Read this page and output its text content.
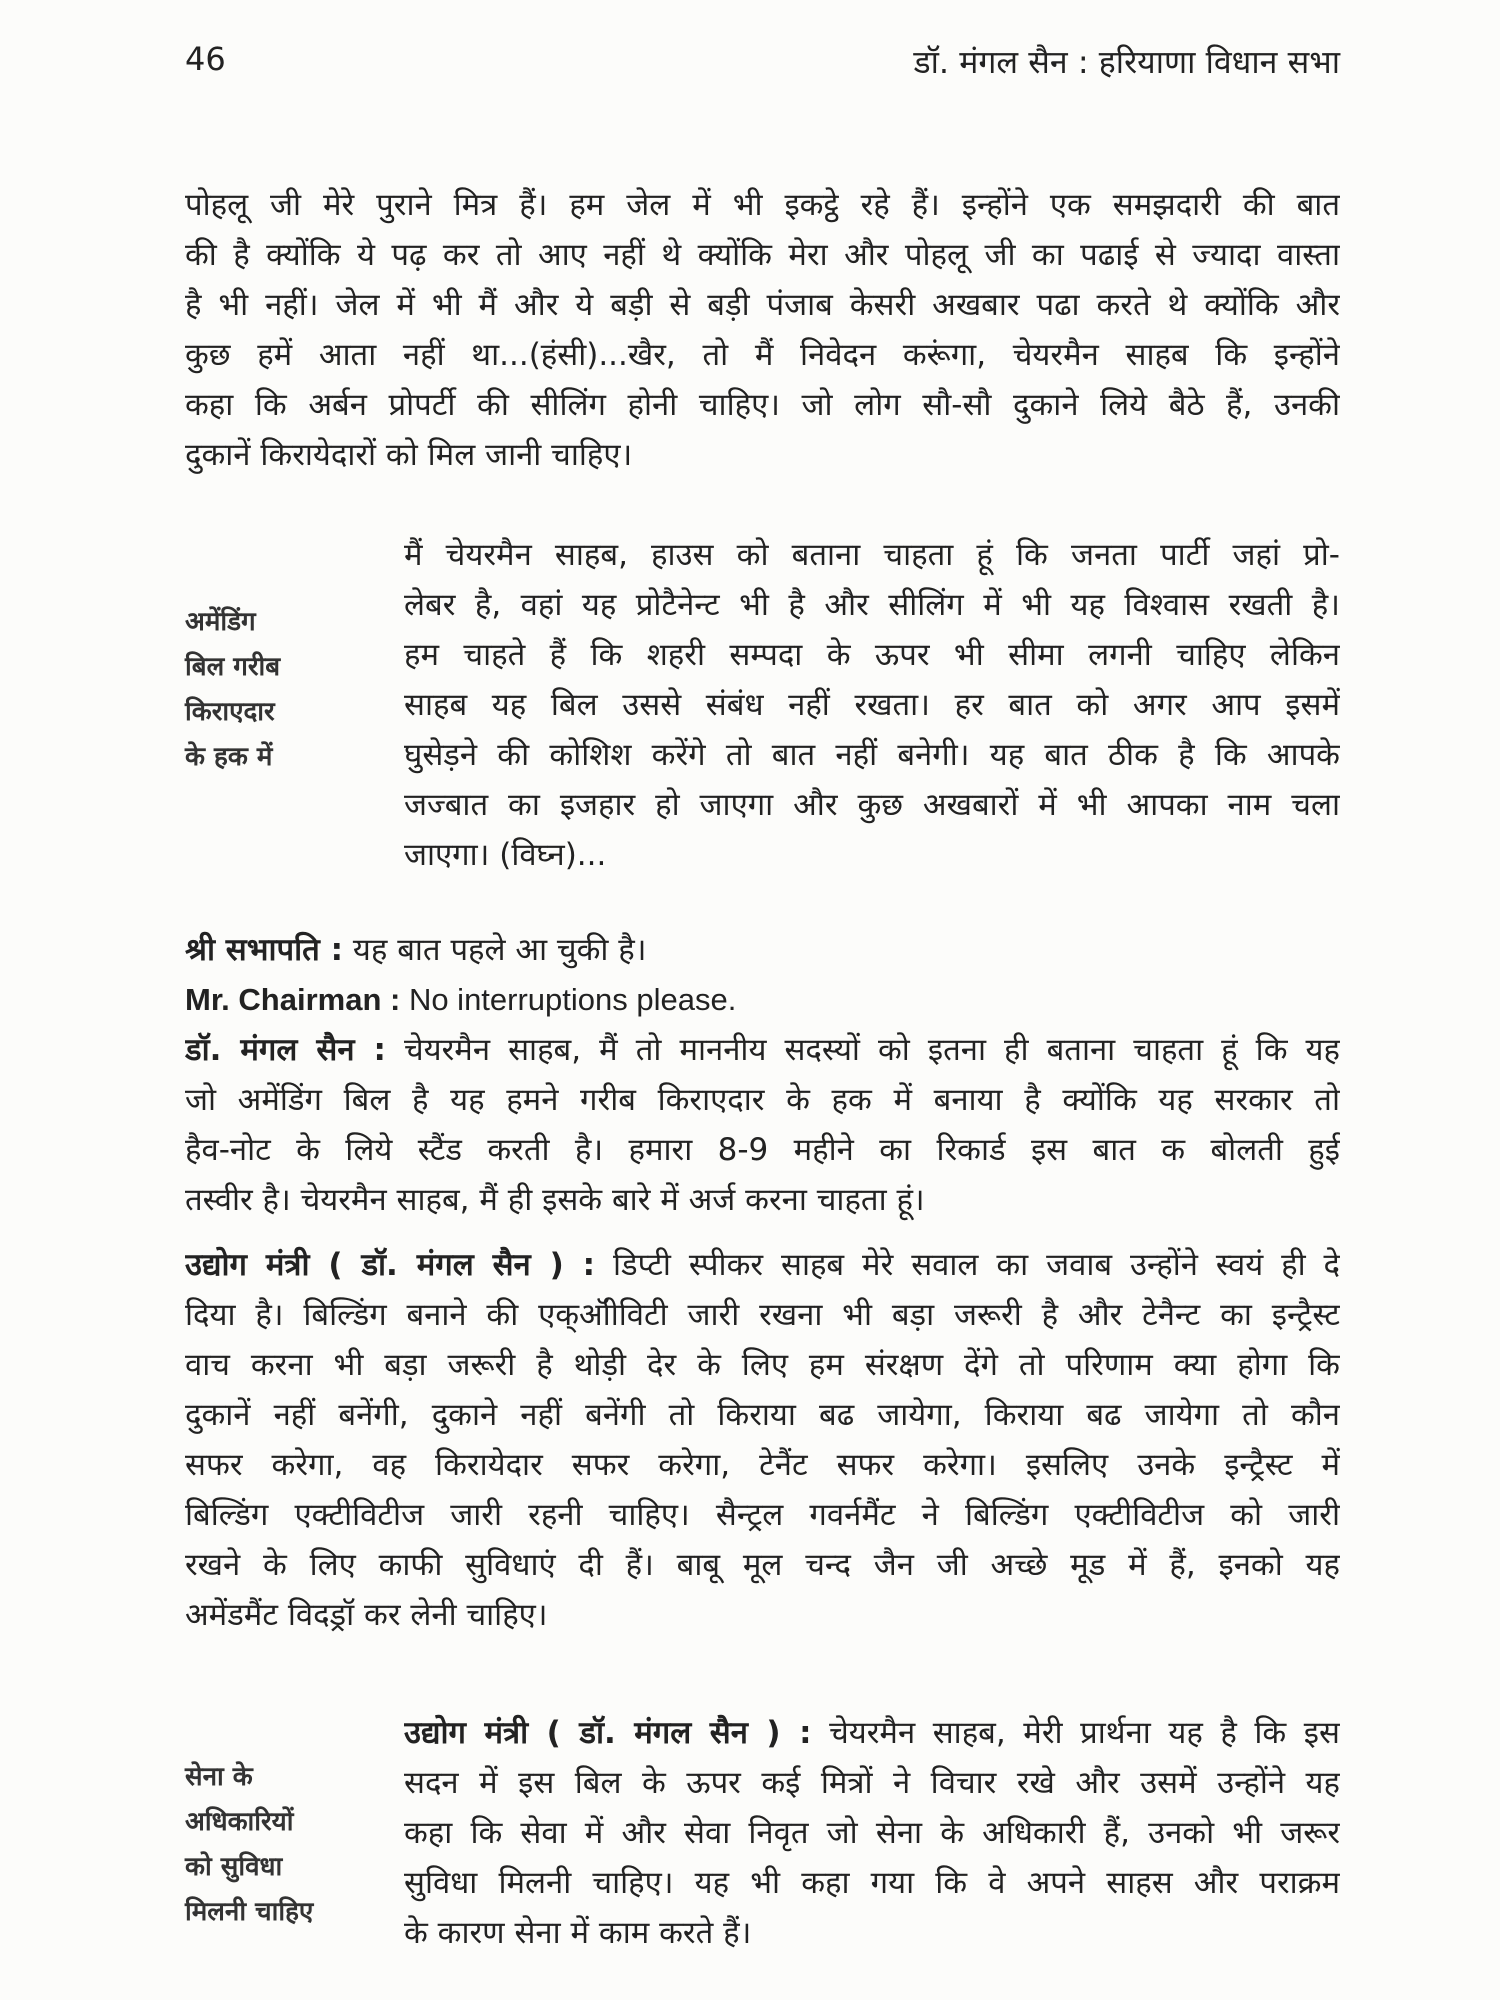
46	डॉ. मंगल सैन : हरियाणा विधान सभा
पोहलू जी मेरे पुराने मित्र हैं। हम जेल में भी इकट्ठे रहे हैं। इन्होंने एक समझदारी की बात
की है क्योंकि ये पढ़ कर तो आए नहीं थे क्योंकि मेरा और पोहलू जी का पढाई से ज्यादा वास्ता
है भी नहीं। जेल में भी मैं और ये बड़ी से बड़ी पंजाब केसरी अखबार पढा करते थे क्योंकि और
कुछ हमें आता नहीं था...(हंसी)...खैर, तो मैं निवेदन करूंगा, चेयरमैन साहब कि इन्होंने
कहा कि अर्बन प्रोपर्टी की सीलिंग होनी चाहिए। जो लोग सौ-सौ दुकाने लिये बैठे हैं, उनकी
दुकानें किरायेदारों को मिल जानी चाहिए।
अमेंडिंग
बिल गरीब
किराएदार
के हक में
मैं चेयरमैन साहब, हाउस को बताना चाहता हूं कि जनता पार्टी जहां प्रो-
लेबर है, वहां यह प्रोटैनेन्ट भी है और सीलिंग में भी यह विश्वास रखती है।
हम चाहते हैं कि शहरी सम्पदा के ऊपर भी सीमा लगनी चाहिए लेकिन
साहब यह बिल उससे संबंध नहीं रखता। हर बात को अगर आप इसमें
घुसेड़ने की कोशिश करेंगे तो बात नहीं बनेगी। यह बात ठीक है कि आपके
जज्बात का इजहार हो जाएगा और कुछ अखबारों में भी आपका नाम चला
जाएगा। (विघ्न)...
श्री सभापति : यह बात पहले आ चुकी है।
Mr. Chairman : No interruptions please.
डॉ. मंगल सैन : चेयरमैन साहब, मैं तो माननीय सदस्यों को इतना ही बताना चाहता हूं कि यह
जो अमेंडिंग बिल है यह हमने गरीब किराएदार के हक में बनाया है क्योंकि यह सरकार तो
हैव-नोट के लिये स्टैंड करती है। हमारा 8-9 महीने का रिकार्ड इस बात क बोलती हुई
तस्वीर है। चेयरमैन साहब, मैं ही इसके बारे में अर्ज करना चाहता हूं।
उद्योग मंत्री ( डॉ. मंगल सैन ) : डिप्टी स्पीकर साहब मेरे सवाल का जवाब उन्होंने स्वयं ही दे
दिया है। बिल्डिंग बनाने की एक्ऑीविटी जारी रखना भी बड़ा जरूरी है और टेनैन्ट का इन्ट्रैस्ट
वाच करना भी बड़ा जरूरी है थोड़ी देर के लिए हम संरक्षण देंगे तो परिणाम क्या होगा कि
दुकानें नहीं बनेंगी, दुकाने नहीं बनेंगी तो किराया बढ जायेगा, किराया बढ जायेगा तो कौन
सफर करेगा, वह किरायेदार सफर करेगा, टेनैंट सफर करेगा। इसलिए उनके इन्ट्रैस्ट में
बिल्डिंग एक्टीविटीज जारी रहनी चाहिए। सैन्ट्रल गवर्नमैंट ने बिल्डिंग एक्टीविटीज को जारी
रखने के लिए काफी सुविधाएं दी हैं। बाबू मूल चन्द जैन जी अच्छे मूड में हैं, इनको यह
अमेंडमैंट विदड्रॉ कर लेनी चाहिए।
सेना के
अधिकारियों
को सुविधा
मिलनी चाहिए
उद्योग मंत्री ( डॉ. मंगल सैन ) : चेयरमैन साहब, मेरी प्रार्थना यह है कि इस
सदन में इस बिल के ऊपर कई मित्रों ने विचार रखे और उसमें उन्होंने यह
कहा कि सेवा में और सेवा निवृत जो सेना के अधिकारी हैं, उनको भी जरूर
सुविधा मिलनी चाहिए। यह भी कहा गया कि वे अपने साहस और पराक्रम
के कारण सेना में काम करते हैं।
